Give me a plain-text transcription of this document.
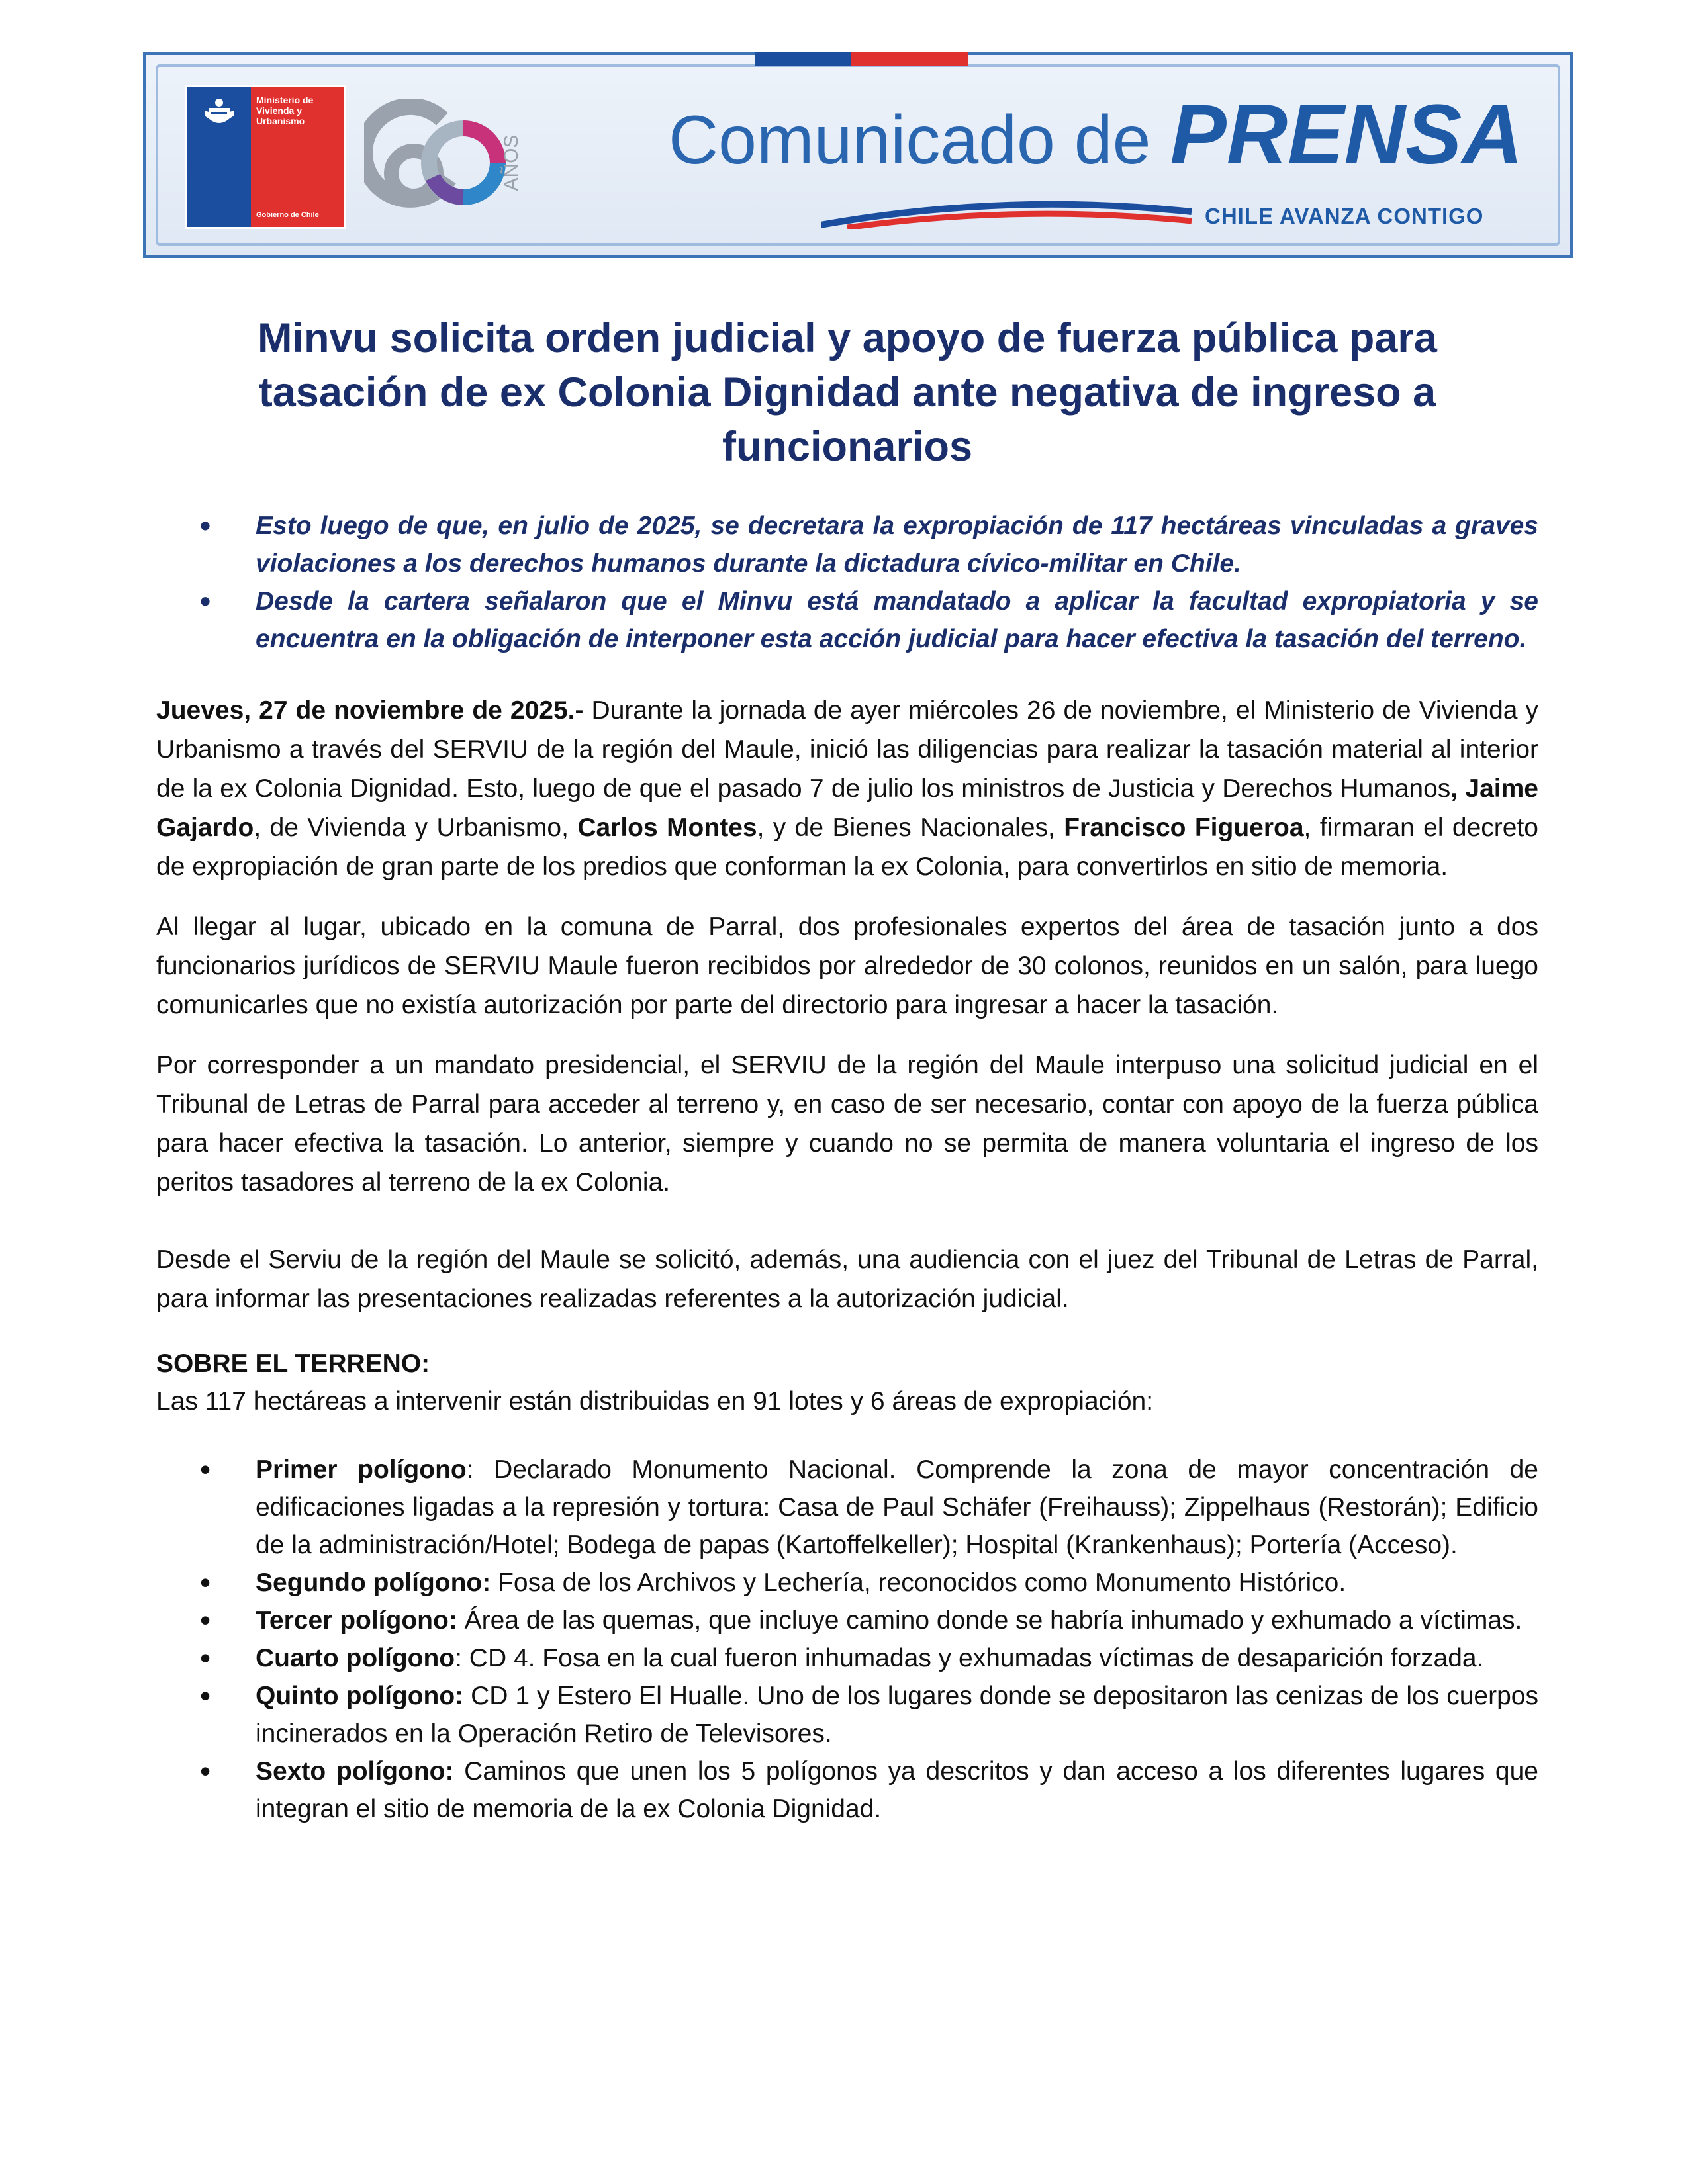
Ministerio de Vivienda y Urbanismo
Gobierno de Chile
AÑOS Comunicado de PRENSA
CHILE AVANZA CONTIGO
Minvu solicita orden judicial y apoyo de fuerza pública para tasación de ex Colonia Dignidad ante negativa de ingreso a funcionarios
• Esto luego de que, en julio de 2025, se decretara la expropiación de 117 hectáreas vinculadas a graves violaciones a los derechos humanos durante la dictadura cívico-militar en Chile.
• Desde la cartera señalaron que el Minvu está mandatado a aplicar la facultad expropiatoria y se encuentra en la obligación de interponer esta acción judicial para hacer efectiva la tasación del terreno.

Jueves, 27 de noviembre de 2025.- Durante la jornada de ayer miércoles 26 de noviembre, el Ministerio de Vivienda y Urbanismo a través del SERVIU de la región del Maule, inició las diligencias para realizar la tasación material al interior de la ex Colonia Dignidad. Esto, luego de que el pasado 7 de julio los ministros de Justicia y Derechos Humanos, Jaime Gajardo, de Vivienda y Urbanismo, Carlos Montes, y de Bienes Nacionales, Francisco Figueroa, firmaran el decreto de expropiación de gran parte de los predios que conforman la ex Colonia, para convertirlos en sitio de memoria.

Al llegar al lugar, ubicado en la comuna de Parral, dos profesionales expertos del área de tasación junto a dos funcionarios jurídicos de SERVIU Maule fueron recibidos por alrededor de 30 colonos, reunidos en un salón, para luego comunicarles que no existía autorización por parte del directorio para ingresar a hacer la tasación.

Por corresponder a un mandato presidencial, el SERVIU de la región del Maule interpuso una solicitud judicial en el Tribunal de Letras de Parral para acceder al terreno y, en caso de ser necesario, contar con apoyo de la fuerza pública para hacer efectiva la tasación. Lo anterior, siempre y cuando no se permita de manera voluntaria el ingreso de los peritos tasadores al terreno de la ex Colonia.

Desde el Serviu de la región del Maule se solicitó, además, una audiencia con el juez del Tribunal de Letras de Parral, para informar las presentaciones realizadas referentes a la autorización judicial.

SOBRE EL TERRENO:
Las 117 hectáreas a intervenir están distribuidas en 91 lotes y 6 áreas de expropiación:
• Primer polígono: Declarado Monumento Nacional. Comprende la zona de mayor concentración de edificaciones ligadas a la represión y tortura: Casa de Paul Schäfer (Freihauss); Zippelhaus (Restorán); Edificio de la administración/Hotel; Bodega de papas (Kartoffelkeller); Hospital (Krankenhaus); Portería (Acceso).
• Segundo polígono: Fosa de los Archivos y Lechería, reconocidos como Monumento Histórico.
• Tercer polígono: Área de las quemas, que incluye camino donde se habría inhumado y exhumado a víctimas.
• Cuarto polígono: CD 4. Fosa en la cual fueron inhumadas y exhumadas víctimas de desaparición forzada.
• Quinto polígono: CD 1 y Estero El Hualle. Uno de los lugares donde se depositaron las cenizas de los cuerpos incinerados en la Operación Retiro de Televisores.
• Sexto polígono: Caminos que unen los 5 polígonos ya descritos y dan acceso a los diferentes lugares que integran el sitio de memoria de la ex Colonia Dignidad.
